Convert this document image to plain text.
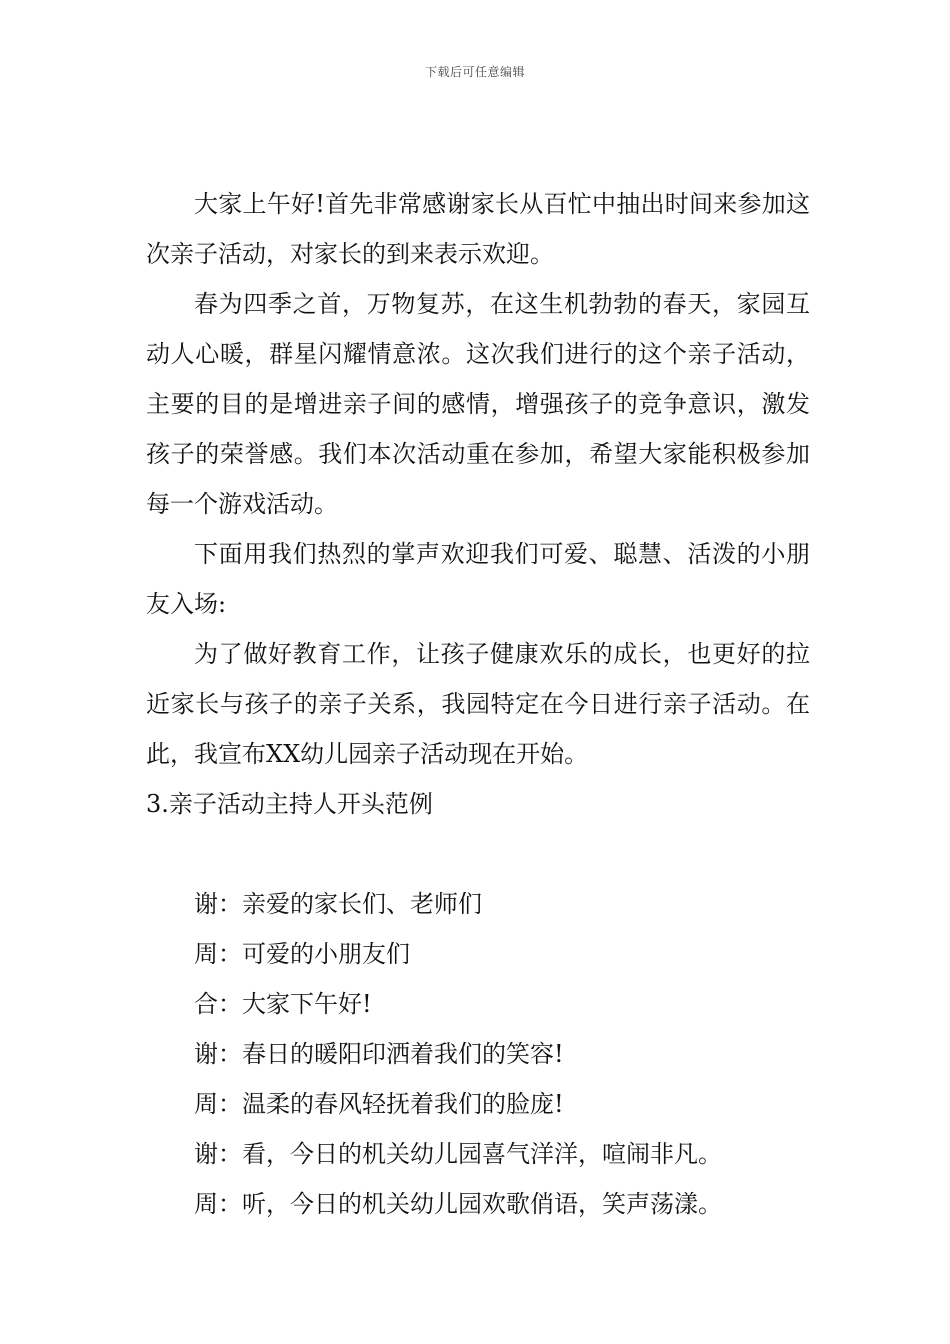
下载后可任意编辑

大家上午好!首先非常感谢家长从百忙中抽出时间来参加这次亲子活动，对家长的到来表示欢迎。

春为四季之首，万物复苏，在这生机勃勃的春天，家园互动人心暖，群星闪耀情意浓。这次我们进行的这个亲子活动，主要的目的是增进亲子间的感情，增强孩子的竞争意识，激发孩子的荣誉感。我们本次活动重在参加，希望大家能积极参加每一个游戏活动。

下面用我们热烈的掌声欢迎我们可爱、聪慧、活泼的小朋友入场:

为了做好教育工作，让孩子健康欢乐的成长，也更好的拉近家长与孩子的亲子关系，我园特定在今日进行亲子活动。在此，我宣布XX幼儿园亲子活动现在开始。

3.亲子活动主持人开头范例

谢：亲爱的家长们、老师们

周：可爱的小朋友们

合：大家下午好!

谢：春日的暖阳印洒着我们的笑容!

周：温柔的春风轻抚着我们的脸庞!

谢：看，今日的机关幼儿园喜气洋洋，喧闹非凡。

周：听，今日的机关幼儿园欢歌俏语，笑声荡漾。
